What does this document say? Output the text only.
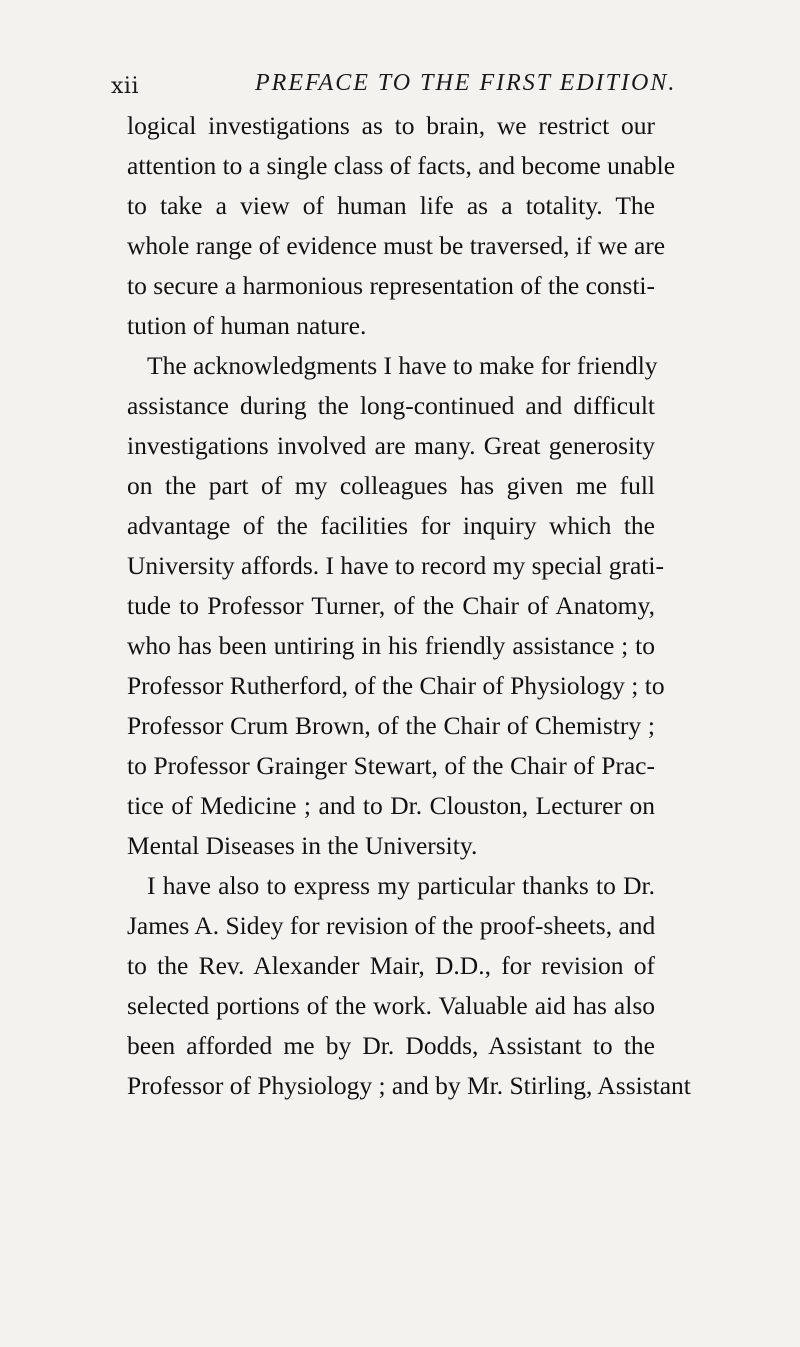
xii	PREFACE TO THE FIRST EDITION.
logical investigations as to brain, we restrict our
attention to a single class of facts, and become unable
to take a view of human life as a totality. The
whole range of evidence must be traversed, if we are
to secure a harmonious representation of the consti-
tution of human nature.
The acknowledgments I have to make for friendly
assistance during the long-continued and difficult
investigations involved are many. Great generosity
on the part of my colleagues has given me full
advantage of the facilities for inquiry which the
University affords. I have to record my special grati-
tude to Professor Turner, of the Chair of Anatomy,
who has been untiring in his friendly assistance ; to
Professor Rutherford, of the Chair of Physiology ; to
Professor Crum Brown, of the Chair of Chemistry ;
to Professor Grainger Stewart, of the Chair of Prac-
tice of Medicine ; and to Dr. Clouston, Lecturer on
Mental Diseases in the University.
I have also to express my particular thanks to Dr.
James A. Sidey for revision of the proof-sheets, and
to the Rev. Alexander Mair, D.D., for revision of
selected portions of the work. Valuable aid has also
been afforded me by Dr. Dodds, Assistant to the
Professor of Physiology ; and by Mr. Stirling, Assistant
